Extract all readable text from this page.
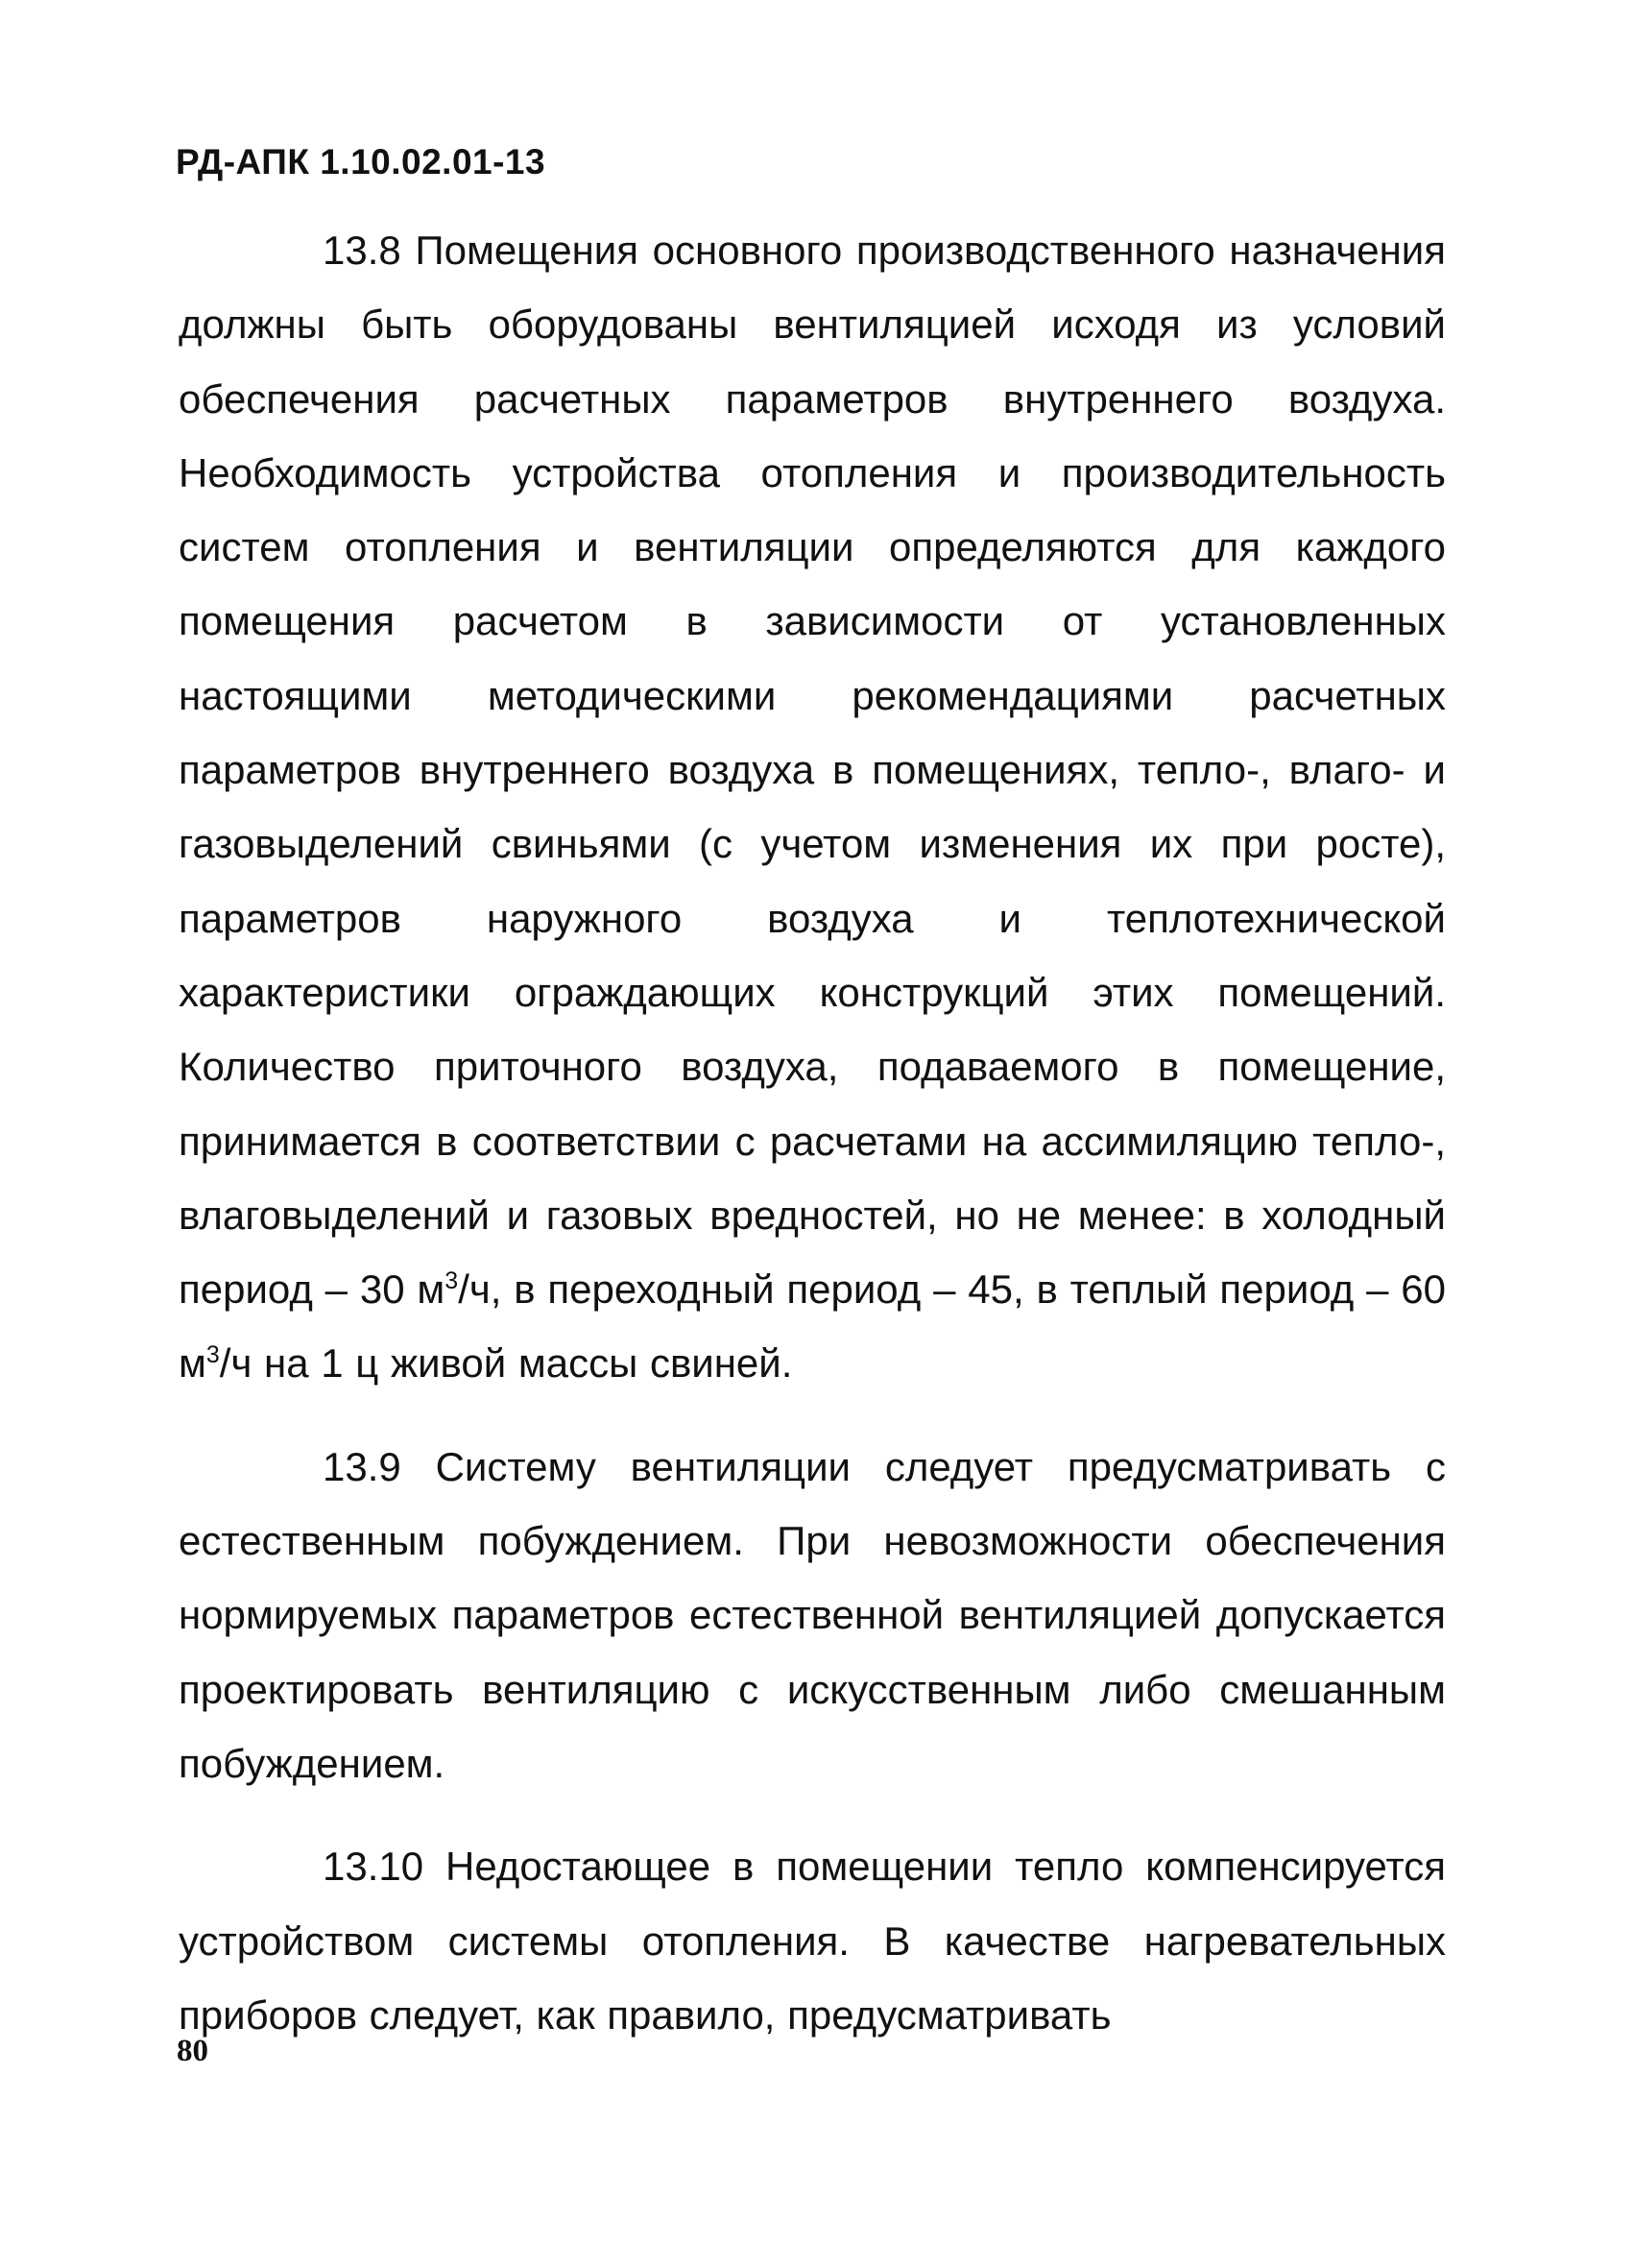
РД-АПК 1.10.02.01-13

13.8 Помещения основного производственного назначения должны быть оборудованы вентиляцией исходя из условий обеспечения расчетных параметров внутреннего воздуха. Необходимость устройства отопления и производительность систем отопления и вентиляции определяются для каждого помещения расчетом в зависимости от установленных настоящими методическими рекомендациями расчетных параметров внутреннего воздуха в помещениях, тепло-, влаго- и газовыделений свиньями (с учетом изменения их при росте), параметров наружного воздуха и теплотехнической характеристики ограждающих конструкций этих помещений. Количество приточного воздуха, подаваемого в помещение, принимается в соответствии с расчетами на ассимиляцию тепло-, влаговыделений и газовых вредностей, но не менее: в холодный период – 30 $м^3/ч$, в переходный период – 45, в теплый период – 60 $м^3/ч$ на 1 ц живой массы свиней.

13.9 Систему вентиляции следует предусматривать с естественным побуждением. При невозможности обеспечения нормируемых параметров естественной вентиляцией допускается проектировать вентиляцию с искусственным либо смешанным побуждением.

13.10 Недостающее в помещении тепло компенсируется устройством системы отопления. В качестве нагревательных приборов следует, как правило, предусматривать

80
